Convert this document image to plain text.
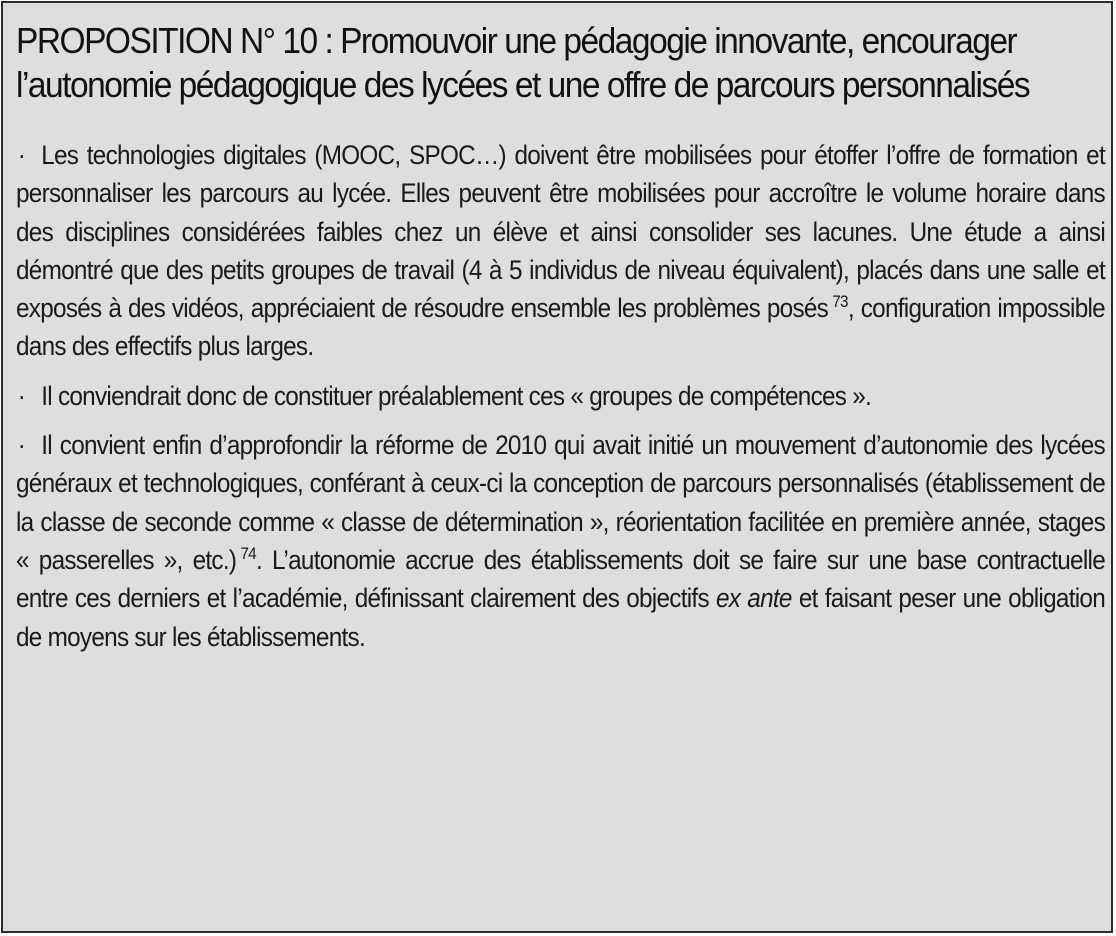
PROPOSITION N° 10 : Promouvoir une pédagogie innovante, encourager l’autonomie pédagogique des lycées et une offre de parcours personnalisés
· Les technologies digitales (MOOC, SPOC…) doivent être mobilisées pour étoffer l’offre de formation et personnaliser les parcours au lycée. Elles peuvent être mobilisées pour accroître le volume horaire dans des disciplines considérées faibles chez un élève et ainsi consolider ses lacunes. Une étude a ainsi démontré que des petits groupes de travail (4 à 5 individus de niveau équivalent), placés dans une salle et exposés à des vidéos, appréciaient de résoudre ensemble les problèmes posés  $^{73}$, configuration impossible dans des effectifs plus larges.
· Il conviendrait donc de constituer préalablement ces « groupes de compétences ».
· Il convient enfin d’approfondir la réforme de 2010 qui avait initié un mouvement d’autonomie des lycées généraux et technologiques, conférant à ceux-ci la conception de parcours personnalisés (établissement de la classe de seconde comme « classe de détermination », réorientation facilitée en première année, stages « passerelles », etc.)  $^{74}$. L’autonomie accrue des établissements doit se faire sur une base contractuelle entre ces derniers et l’académie, définissant clairement des objectifs ex ante et faisant peser une obligation de moyens sur les établissements.
